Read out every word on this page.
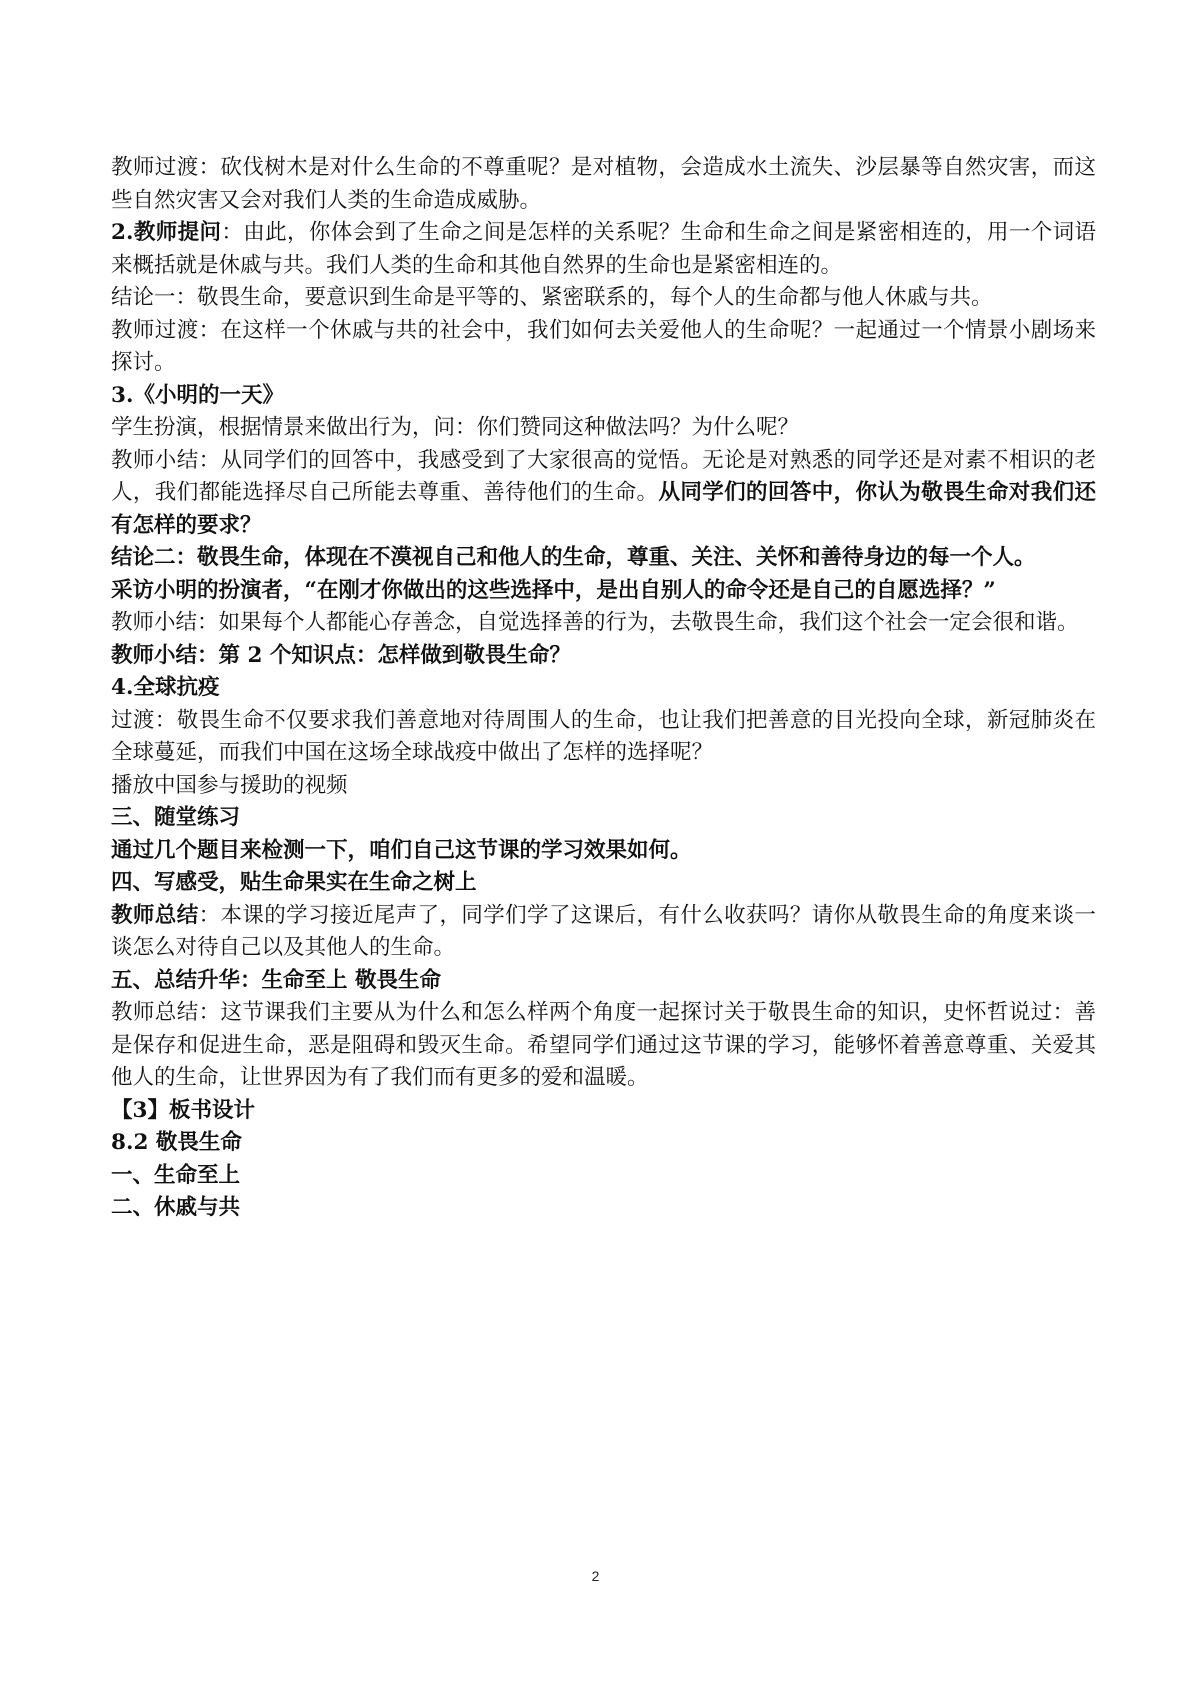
教师过渡：砍伐树木是对什么生命的不尊重呢？是对植物，会造成水土流失、沙层暴等自然灾害，而这些自然灾害又会对我们人类的生命造成威胁。

2.教师提问：由此，你体会到了生命之间是怎样的关系呢？生命和生命之间是紧密相连的，用一个词语来概括就是休戚与共。我们人类的生命和其他自然界的生命也是紧密相连的。

结论一：敬畏生命，要意识到生命是平等的、紧密联系的，每个人的生命都与他人休戚与共。

教师过渡：在这样一个休戚与共的社会中，我们如何去关爱他人的生命呢？一起通过一个情景小剧场来探讨。

3.《小明的一天》

学生扮演，根据情景来做出行为，问：你们赞同这种做法吗？为什么呢？

教师小结：从同学们的回答中，我感受到了大家很高的觉悟。无论是对熟悉的同学还是对素不相识的老人，我们都能选择尽自己所能去尊重、善待他们的生命。从同学们的回答中，你认为敬畏生命对我们还有怎样的要求？

结论二：敬畏生命，体现在不漠视自己和他人的生命，尊重、关注、关怀和善待身边的每一个人。

采访小明的扮演者，“在刚才你做出的这些选择中，是出自别人的命令还是自己的自愿选择？”

教师小结：如果每个人都能心存善念，自觉选择善的行为，去敬畏生命，我们这个社会一定会很和谐。

教师小结：第 2 个知识点：怎样做到敬畏生命？

4.全球抗疫

过渡：敬畏生命不仅要求我们善意地对待周围人的生命，也让我们把善意的目光投向全球，新冠肺炎在全球蔓延，而我们中国在这场全球战疫中做出了怎样的选择呢？

播放中国参与援助的视频

三、随堂练习

通过几个题目来检测一下，咱们自己这节课的学习效果如何。

四、写感受，贴生命果实在生命之树上

教师总结：本课的学习接近尾声了，同学们学了这课后，有什么收获吗？请你从敬畏生命的角度来谈一谈怎么对待自己以及其他人的生命。

五、总结升华：生命至上 敬畏生命

教师总结：这节课我们主要从为什么和怎么样两个角度一起探讨关于敬畏生命的知识，史怀哲说过：善是保存和促进生命，恶是阻碍和毁灭生命。希望同学们通过这节课的学习，能够怀着善意尊重、关爱其他人的生命，让世界因为有了我们而有更多的爱和温暖。

【3】板书设计

8.2 敬畏生命

一、生命至上

二、休戚与共

2
